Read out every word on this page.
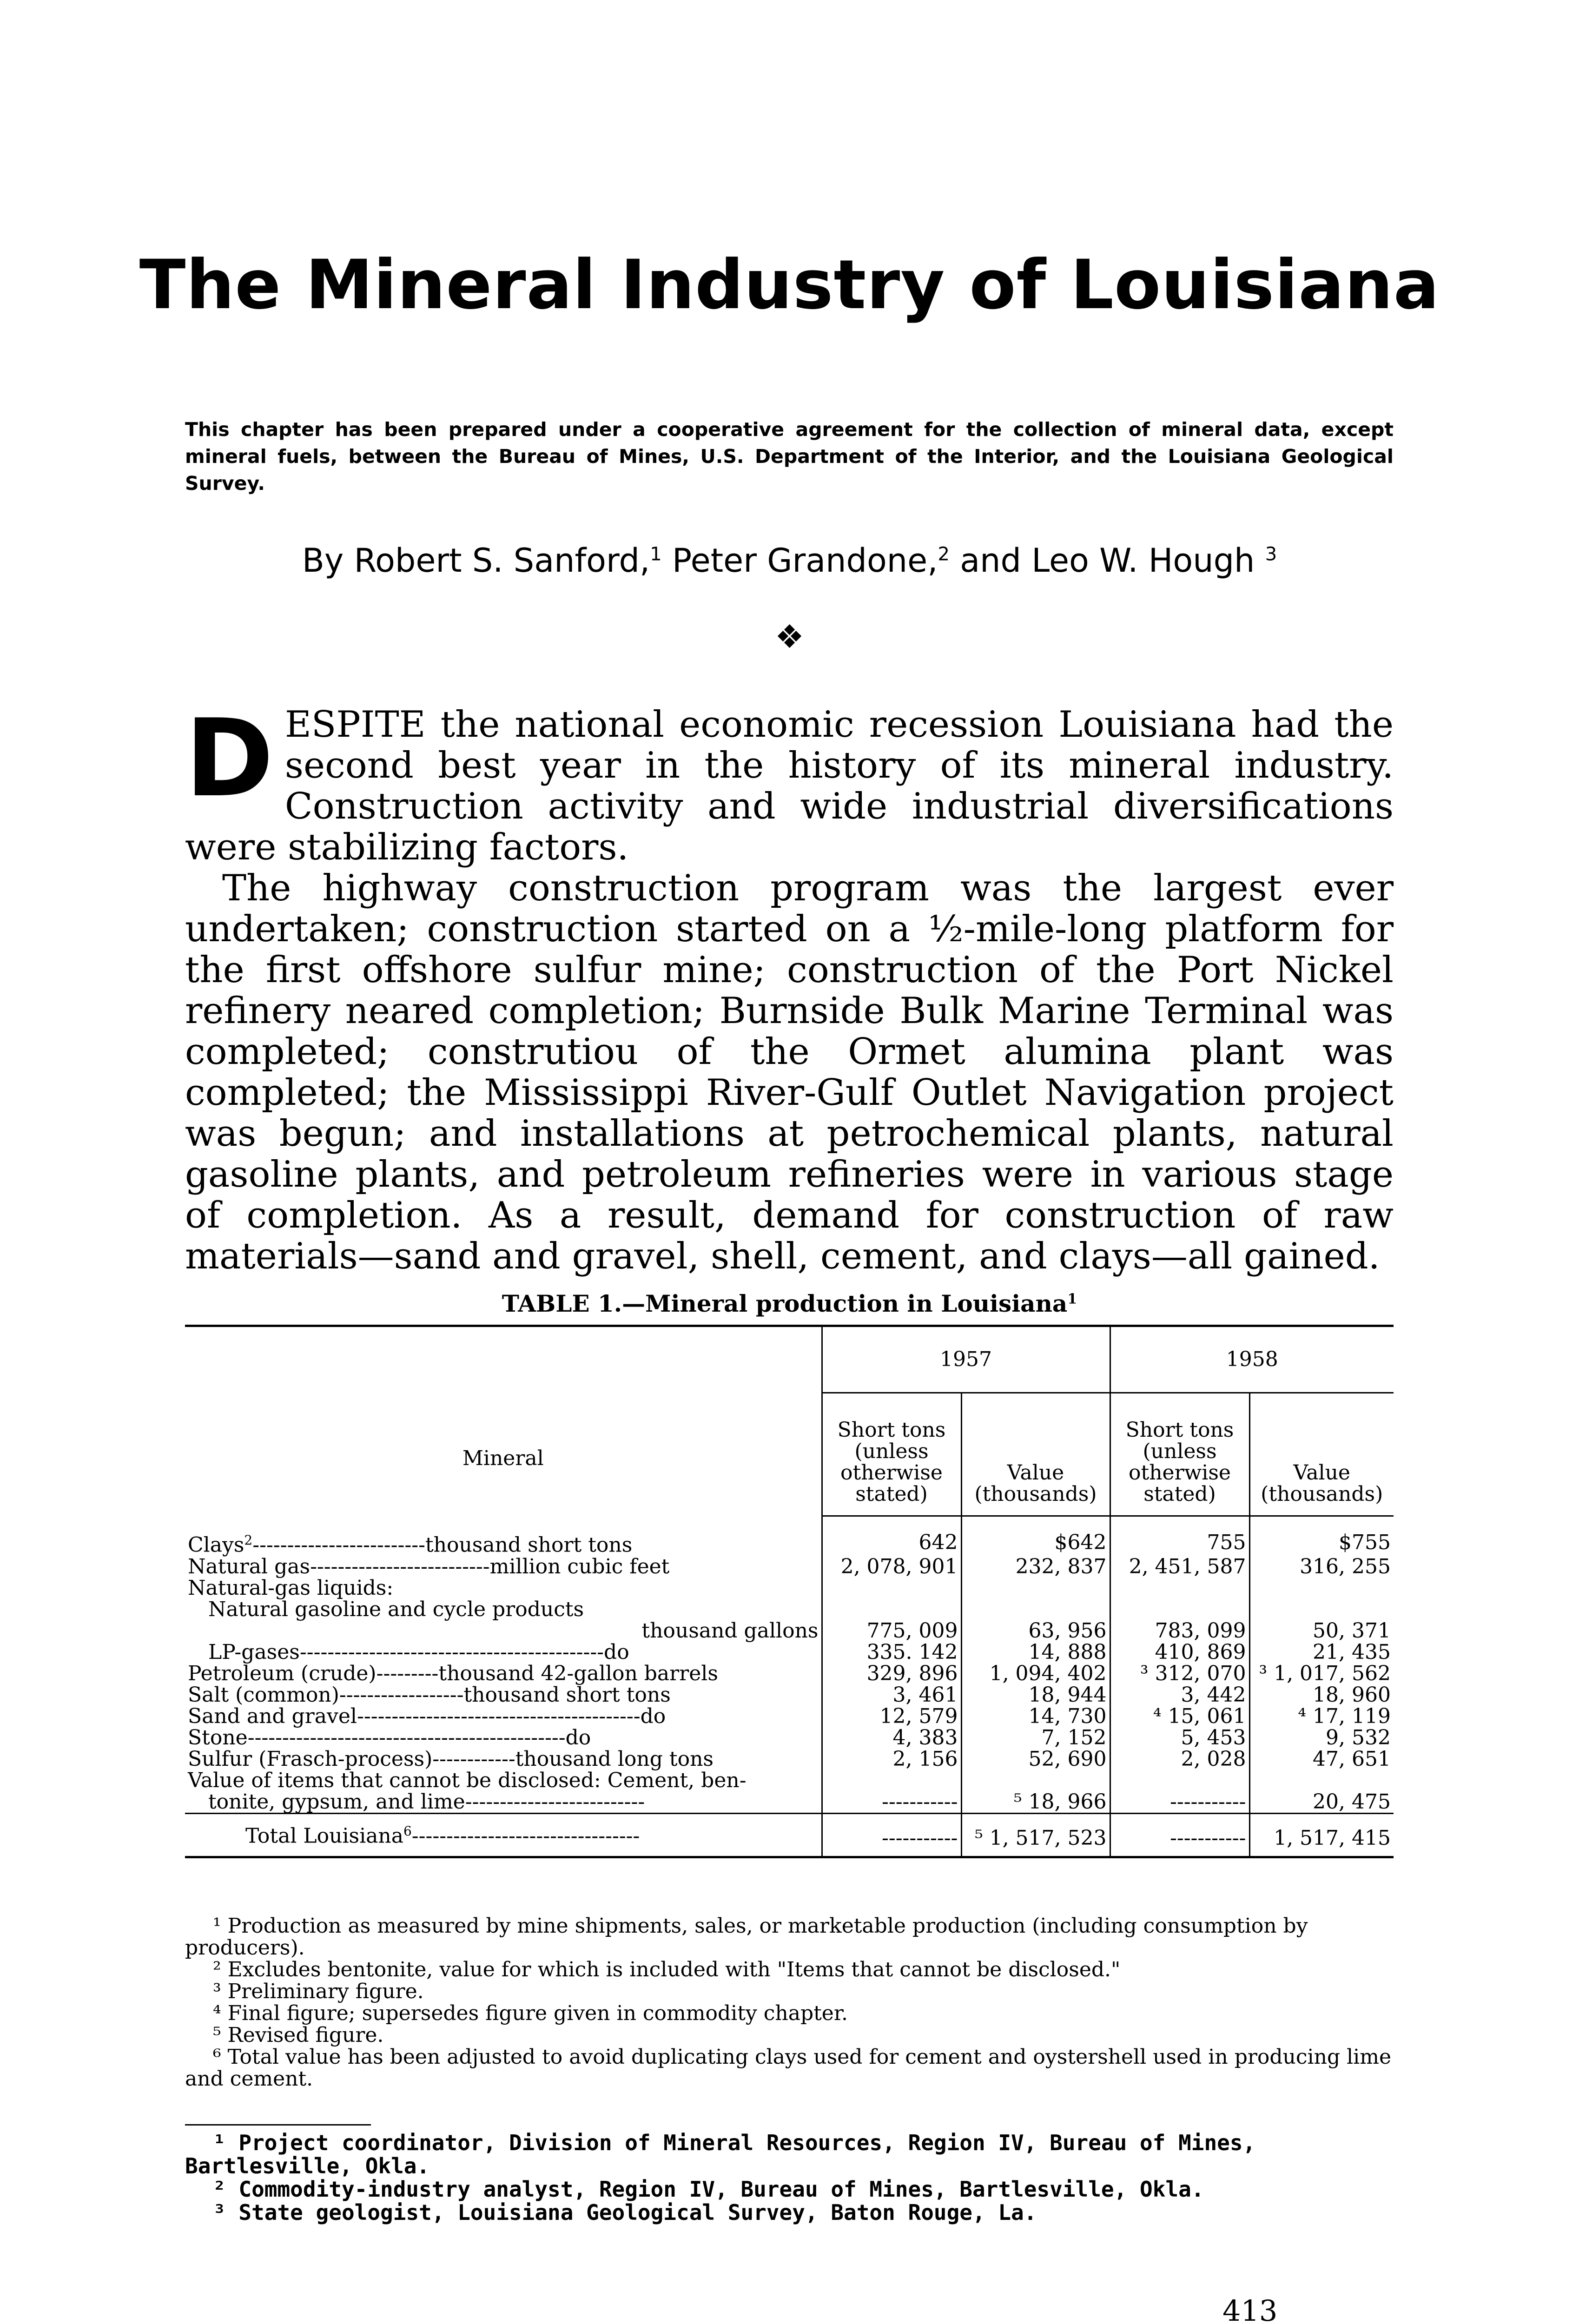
The Mineral Industry of Louisiana

This chapter has been prepared under a cooperative agreement for the collection of mineral data, except mineral fuels, between the Bureau of Mines, U.S. Department of the Interior, and the Louisiana Geological Survey.

By Robert S. Sanford,$^1$ Peter Grandone,$^2$ and Leo W. Hough $^3$
❖

DESPITE the national economic recession Louisiana had the second best year in the history of its mineral industry. Construction activity and wide industrial diversifications were stabilizing factors.

The highway construction program was the largest ever undertaken; construction started on a ½-mile-long platform for the first offshore sulfur mine; construction of the Port Nickel refinery neared completion; Burnside Bulk Marine Terminal was completed; construtiou of the Ormet alumina plant was completed; the Mississippi River-Gulf Outlet Navigation project was begun; and installations at petrochemical plants, natural gasoline plants, and petroleum refineries were in various stage of completion. As a result, demand for construction of raw materials—sand and gravel, shell, cement, and clays—all gained.

TABLE 1.—Mineral production in Louisiana$^1$
Mineral	1957		1958	
	Short tons (unless otherwise stated)	Value (thousands)	Short tons (unless otherwise stated)	Value (thousands)

Clays$^2$-------------------------thousand short tons	642	$642	755	$755
Natural gas--------------------------million cubic feet	2, 078, 901	232, 837	2, 451, 587	316, 255
Natural-gas liquids:				
Natural gasoline and cycle products				
thousand gallons	775, 009	63, 956	783, 099	50, 371
LP-gases--------------------------------------------do	335. 142	14, 888	410, 869	21, 435
Petroleum (crude)---------thousand 42-gallon barrels	329, 896	1, 094, 402	³ 312, 070	³ 1, 017, 562
Salt (common)------------------thousand short tons	3, 461	18, 944	3, 442	18, 960
Sand and gravel-----------------------------------------do	12, 579	14, 730	⁴ 15, 061	⁴ 17, 119
Stone----------------------------------------------do	4, 383	7, 152	5, 453	9, 532
Sulfur (Frasch-process)------------thousand long tons	2, 156	52, 690	2, 028	47, 651
Value of items that cannot be disclosed: Cement, ben-				
tonite, gypsum, and lime--------------------------	-----------	⁵ 18, 966	-----------	20, 475
Total Louisiana$^6$---------------------------------	-----------	⁵ 1, 517, 523	-----------	1, 517, 415

¹ Production as measured by mine shipments, sales, or marketable production (including consumption by producers).

² Excludes bentonite, value for which is included with "Items that cannot be disclosed."

³ Preliminary figure.

⁴ Final figure; supersedes figure given in commodity chapter.

⁵ Revised figure.

⁶ Total value has been adjusted to avoid duplicating clays used for cement and oystershell used in producing lime and cement.

¹ Project coordinator, Division of Mineral Resources, Region IV, Bureau of Mines, Bartlesville, Okla.

² Commodity-industry analyst, Region IV, Bureau of Mines, Bartlesville, Okla.

³ State geologist, Louisiana Geological Survey, Baton Rouge, La.

413
